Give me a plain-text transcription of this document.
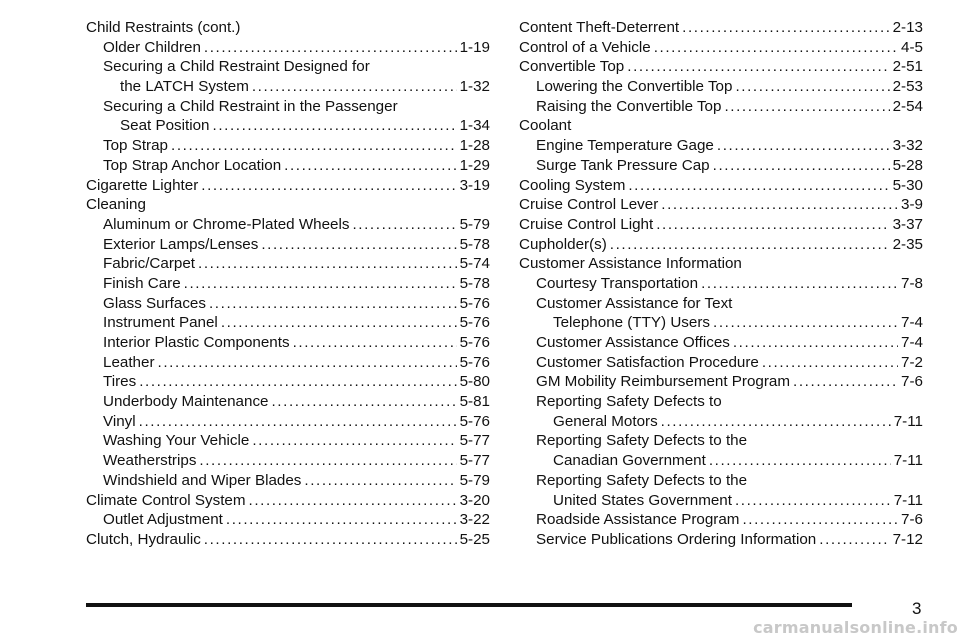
Child Restraints (cont.)
Older Children .....	1-19
Securing a Child Restraint Designed for
the LATCH System .....	1-32
Securing a Child Restraint in the Passenger
Seat Position .....	1-34
Top Strap .....	1-28
Top Strap Anchor Location .....	1-29
Cigarette Lighter .....	3-19
Cleaning
Aluminum or Chrome-Plated Wheels .....	5-79
Exterior Lamps/Lenses .....	5-78
Fabric/Carpet .....	5-74
Finish Care .....	5-78
Glass Surfaces .....	5-76
Instrument Panel .....	5-76
Interior Plastic Components .....	5-76
Leather .....	5-76
Tires .....	5-80
Underbody Maintenance .....	5-81
Vinyl .....	5-76
Washing Your Vehicle .....	5-77
Weatherstrips .....	5-77
Windshield and Wiper Blades .....	5-79
Climate Control System .....	3-20
Outlet Adjustment .....	3-22
Clutch, Hydraulic .....	5-25
Content Theft-Deterrent .....	2-13
Control of a Vehicle .....	4-5
Convertible Top .....	2-51
Lowering the Convertible Top .....	2-53
Raising the Convertible Top .....	2-54
Coolant
Engine Temperature Gage .....	3-32
Surge Tank Pressure Cap .....	5-28
Cooling System .....	5-30
Cruise Control Lever .....	3-9
Cruise Control Light .....	3-37
Cupholder(s) .....	2-35
Customer Assistance Information
Courtesy Transportation .....	7-8
Customer Assistance for Text
Telephone (TTY) Users .....	7-4
Customer Assistance Offices .....	7-4
Customer Satisfaction Procedure .....	7-2
GM Mobility Reimbursement Program .....	7-6
Reporting Safety Defects to
General Motors .....	7-11
Reporting Safety Defects to the
Canadian Government .....	7-11
Reporting Safety Defects to the
United States Government .....	7-11
Roadside Assistance Program .....	7-6
Service Publications Ordering Information .....	7-12
3
carmanualsonline.info
